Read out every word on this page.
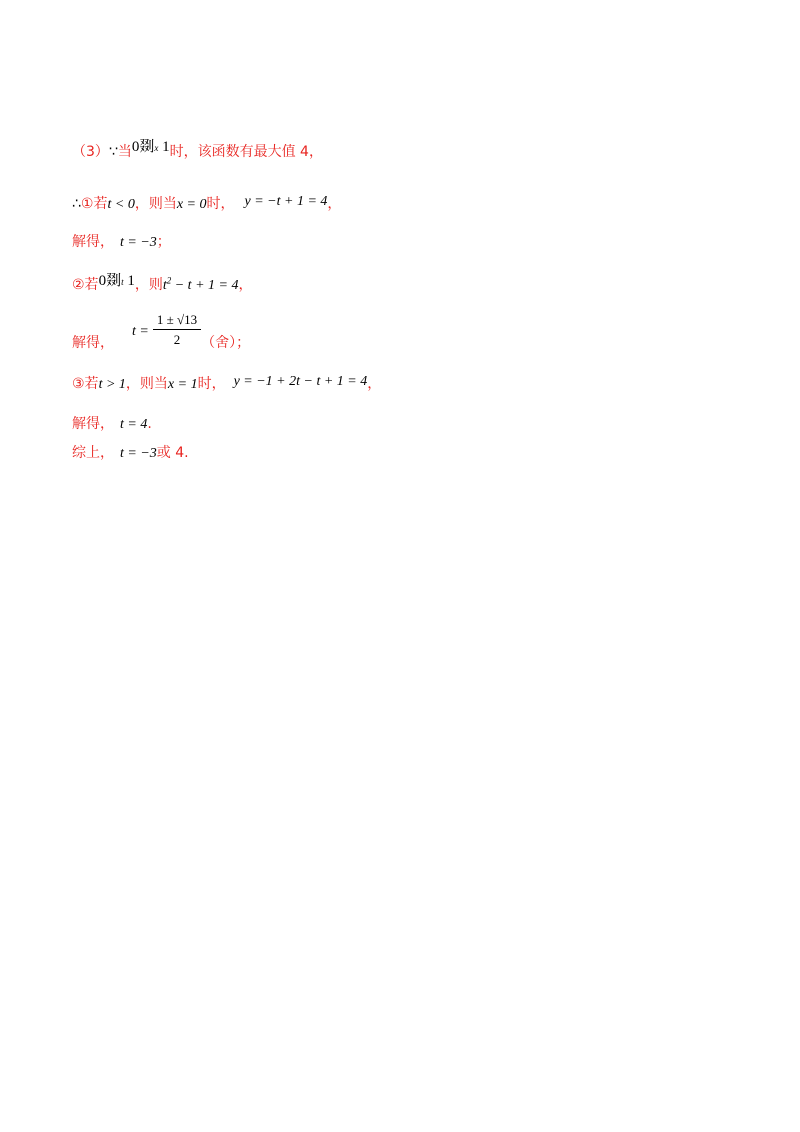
（3）∵当0剟x 1时，该函数有最大值 4，
∴①若t < 0，则当x = 0时， y = −t + 1 = 4，
解得， t = −3；
②若0剟t 1，则$t^2 - t + 1 = 4$，
解得，$t = \frac{1 \pm √13}{2}$ （舍）；
③若t > 1，则当x = 1时， y = −1 + 2t − t + 1 = 4，
解得， t = 4.
综上， t = −3或 4.
